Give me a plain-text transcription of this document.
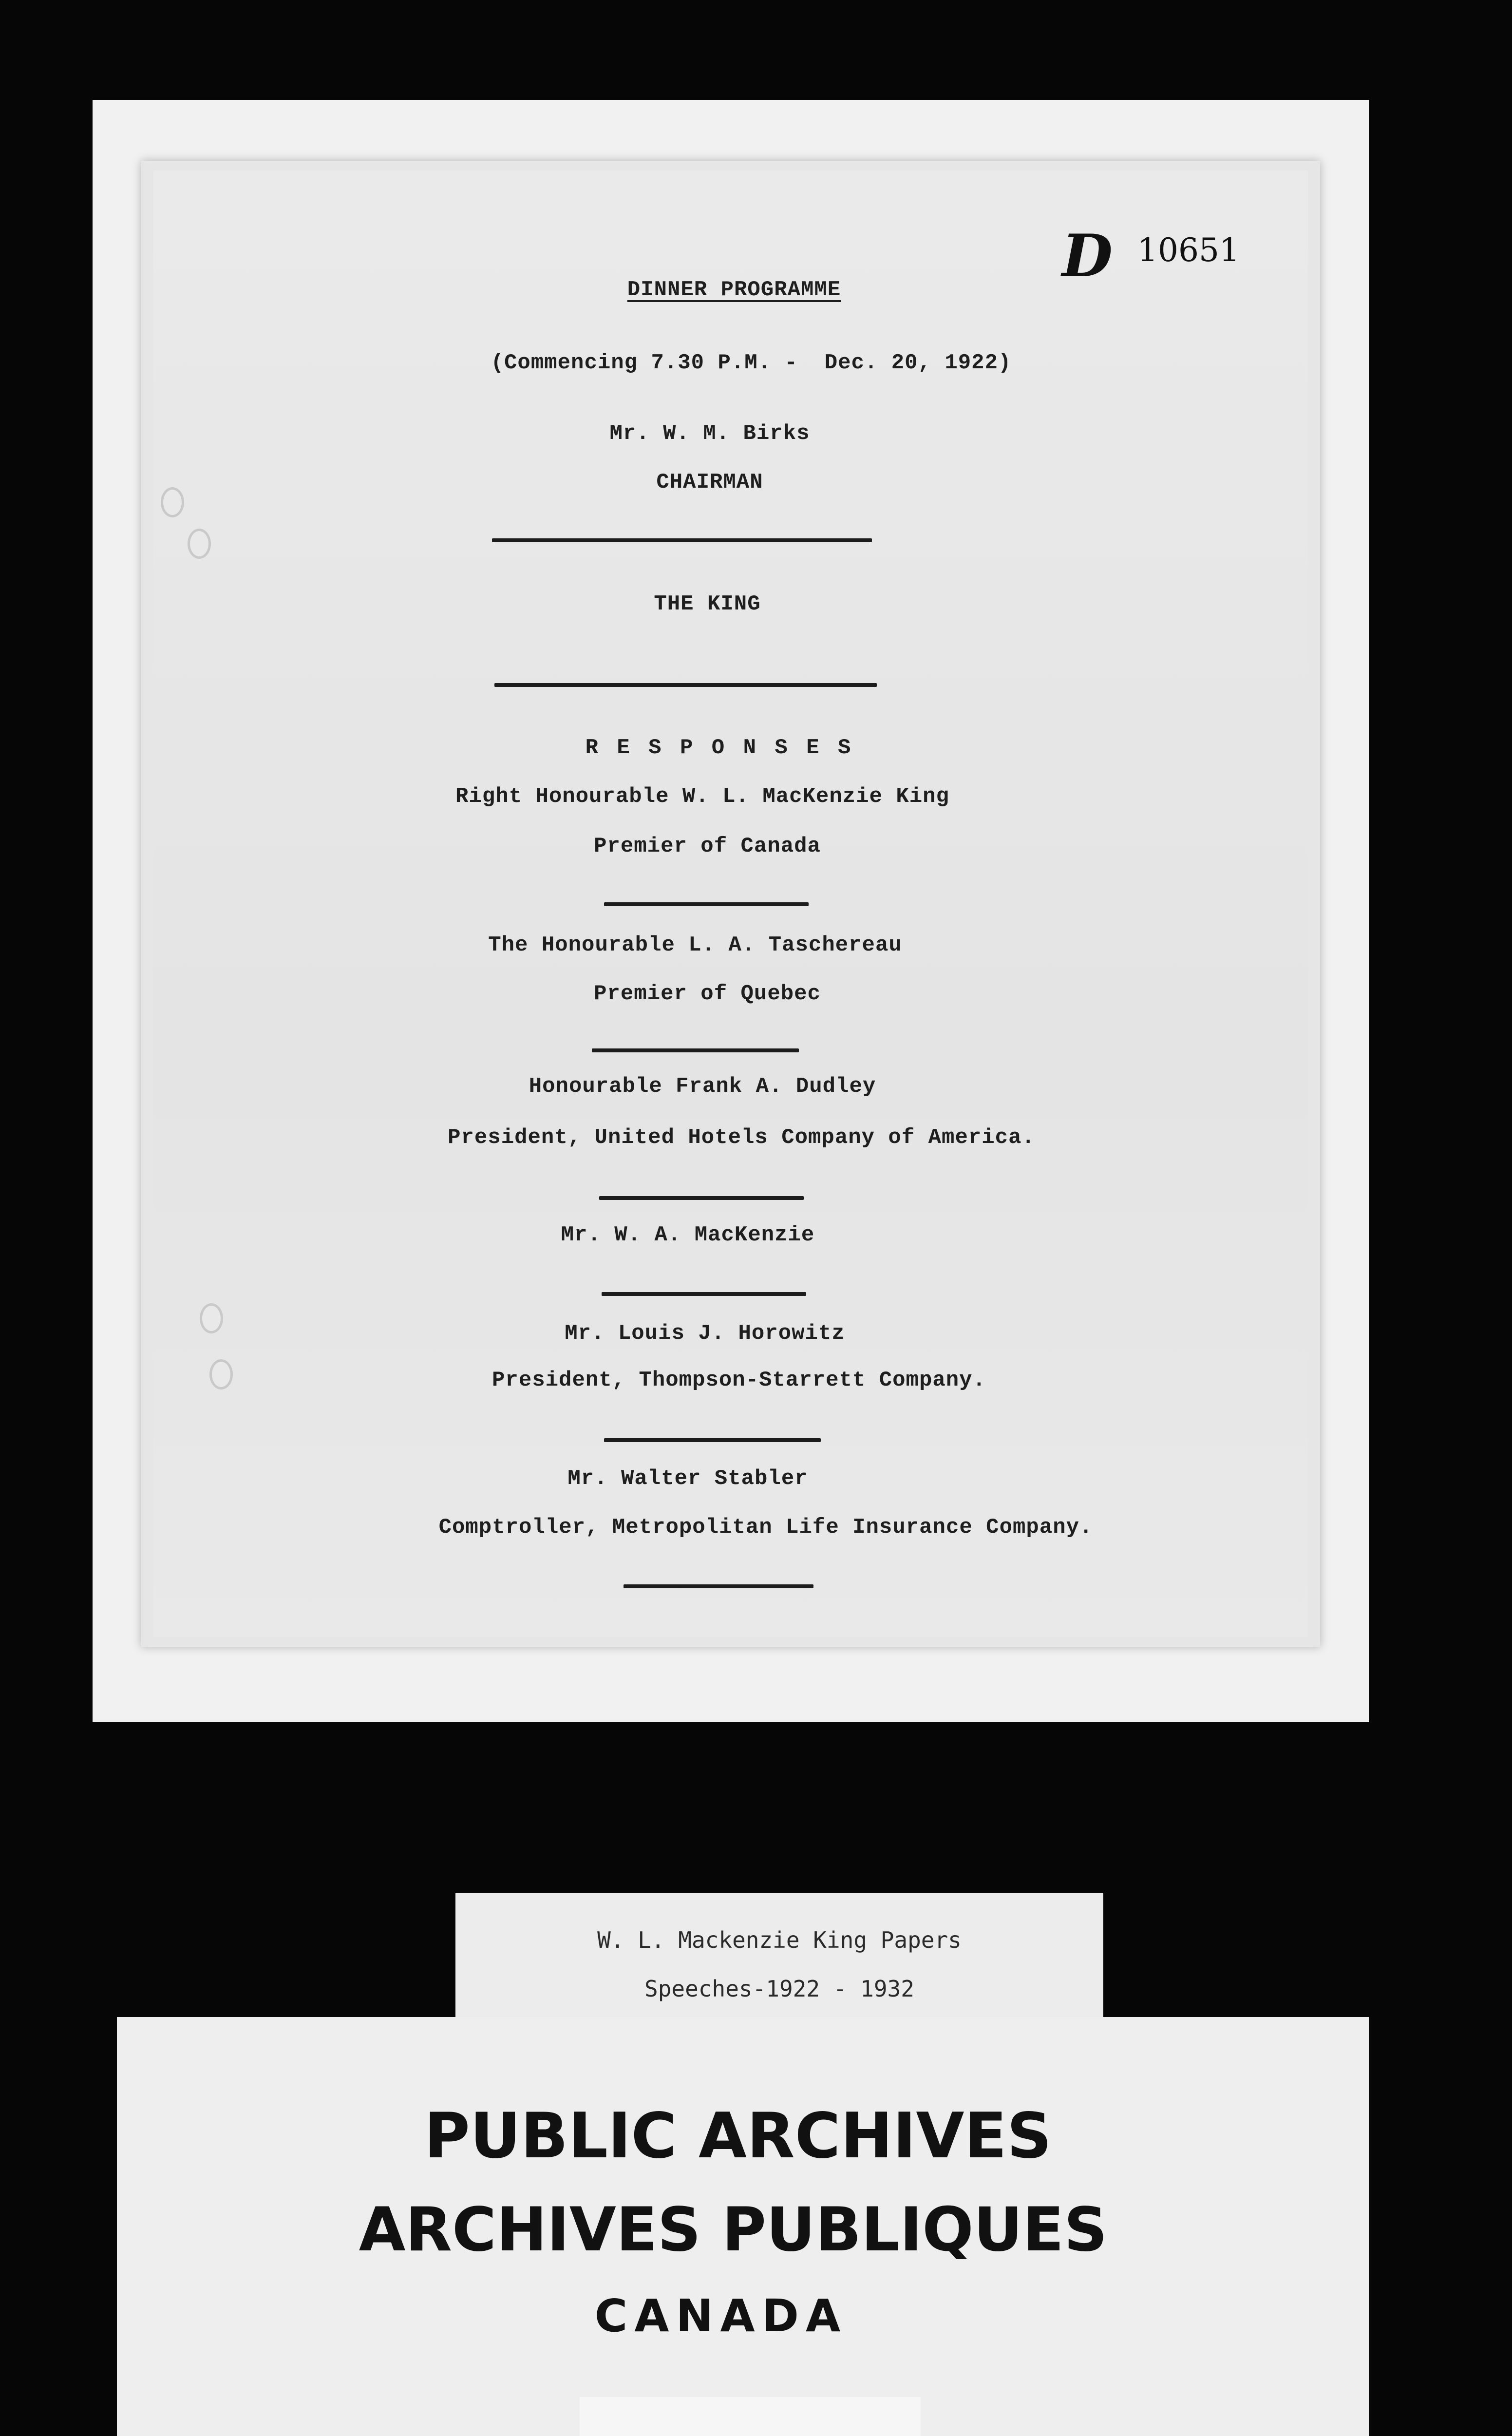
D 10651
DINNER PROGRAMME
(Commencing 7.30 P.M. -  Dec. 20, 1922)
Mr. W. M. Birks
CHAIRMAN
THE KING
R E S P O N S E S
Right Honourable W. L. MacKenzie King
Premier of Canada
The Honourable L. A. Taschereau
Premier of Quebec
Honourable Frank A. Dudley
President, United Hotels Company of America.
Mr. W. A. MacKenzie
Mr. Louis J. Horowitz
President, Thompson-Starrett Company.
Mr. Walter Stabler
Comptroller, Metropolitan Life Insurance Company.
W. L. Mackenzie King Papers
Speeches-1922 - 1932
PUBLIC ARCHIVES
ARCHIVES PUBLIQUES
CANADA
